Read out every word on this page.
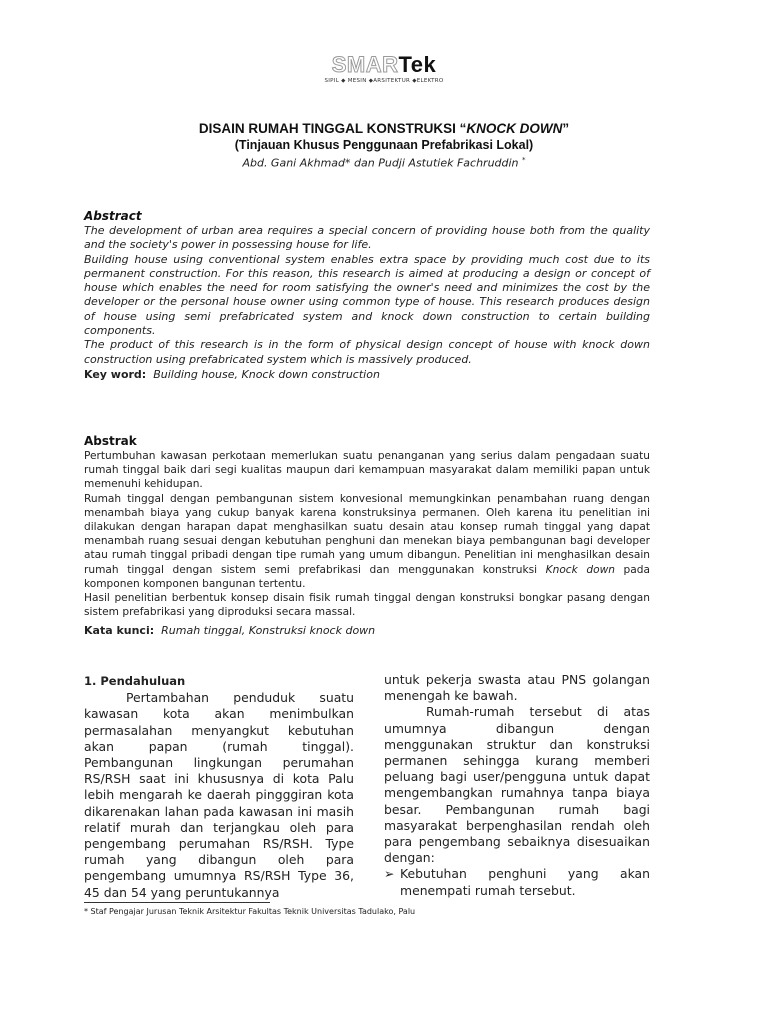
SMARTek
SIPIL ◆ MESIN ◆ARSITEKTUR ◆ELEKTRO
DISAIN RUMAH TINGGAL KONSTRUKSI “KNOCK DOWN”
(Tinjauan Khusus Penggunaan Prefabrikasi Lokal)
Abd. Gani Akhmad* dan Pudji Astutiek Fachruddin *
Abstract

The development of urban area requires a special concern of providing house both from the quality and the society's power in possessing house for life.

Building house using conventional system enables extra space by providing much cost due to its permanent construction. For this reason, this research is aimed at producing a design or concept of house which enables the need for room satisfying the owner's need and minimizes the cost by the developer or the personal house owner using common type of house. This research produces design of house using semi prefabricated system and knock down construction to certain building components.

The product of this research is in the form of physical design concept of house with knock down construction using prefabricated system which is massively produced.

Key word: Building house, Knock down construction
Abstrak

Pertumbuhan kawasan perkotaan memerlukan suatu penanganan yang serius dalam pengadaan suatu rumah tinggal baik dari segi kualitas maupun dari kemampuan masyarakat dalam memiliki papan untuk memenuhi kehidupan.

Rumah tinggal dengan pembangunan sistem konvesional memungkinkan penambahan ruang dengan menambah biaya yang cukup banyak karena konstruksinya permanen. Oleh karena itu penelitian ini dilakukan dengan harapan dapat menghasilkan suatu desain atau konsep rumah tinggal yang dapat menambah ruang sesuai dengan kebutuhan penghuni dan menekan biaya pembangunan bagi developer atau rumah tinggal pribadi dengan tipe rumah yang umum dibangun. Penelitian ini menghasilkan desain rumah tinggal dengan sistem semi prefabrikasi dan menggunakan konstruksi Knock down pada komponen komponen bangunan tertentu.

Hasil penelitian berbentuk konsep disain fisik rumah tinggal dengan konstruksi bongkar pasang dengan sistem prefabrikasi yang diproduksi secara massal.

Kata kunci: Rumah tinggal, Konstruksi knock down
1. Pendahuluan

Pertambahan penduduk suatu kawasan kota akan menimbulkan permasalahan menyangkut kebutuhan akan papan (rumah tinggal). Pembangunan lingkungan perumahan RS/RSH saat ini khususnya di kota Palu lebih mengarah ke daerah pingggiran kota dikarenakan lahan pada kawasan ini masih relatif murah dan terjangkau oleh para pengembang perumahan RS/RSH. Type rumah yang dibangun oleh para pengembang umumnya RS/RSH Type 36, 45 dan 54 yang peruntukannya

untuk pekerja swasta atau PNS golangan menengah ke bawah.

Rumah-rumah tersebut di atas umumnya dibangun dengan menggunakan struktur dan konstruksi permanen sehingga kurang memberi peluang bagi user/pengguna untuk dapat mengembangkan rumahnya tanpa biaya besar. Pembangunan rumah bagi masyarakat berpenghasilan rendah oleh para pengembang sebaiknya disesuaikan dengan:

➢ Kebutuhan penghuni yang akan menempati rumah tersebut.
* Staf Pengajar Jurusan Teknik Arsitektur Fakultas Teknik Universitas Tadulako, Palu
